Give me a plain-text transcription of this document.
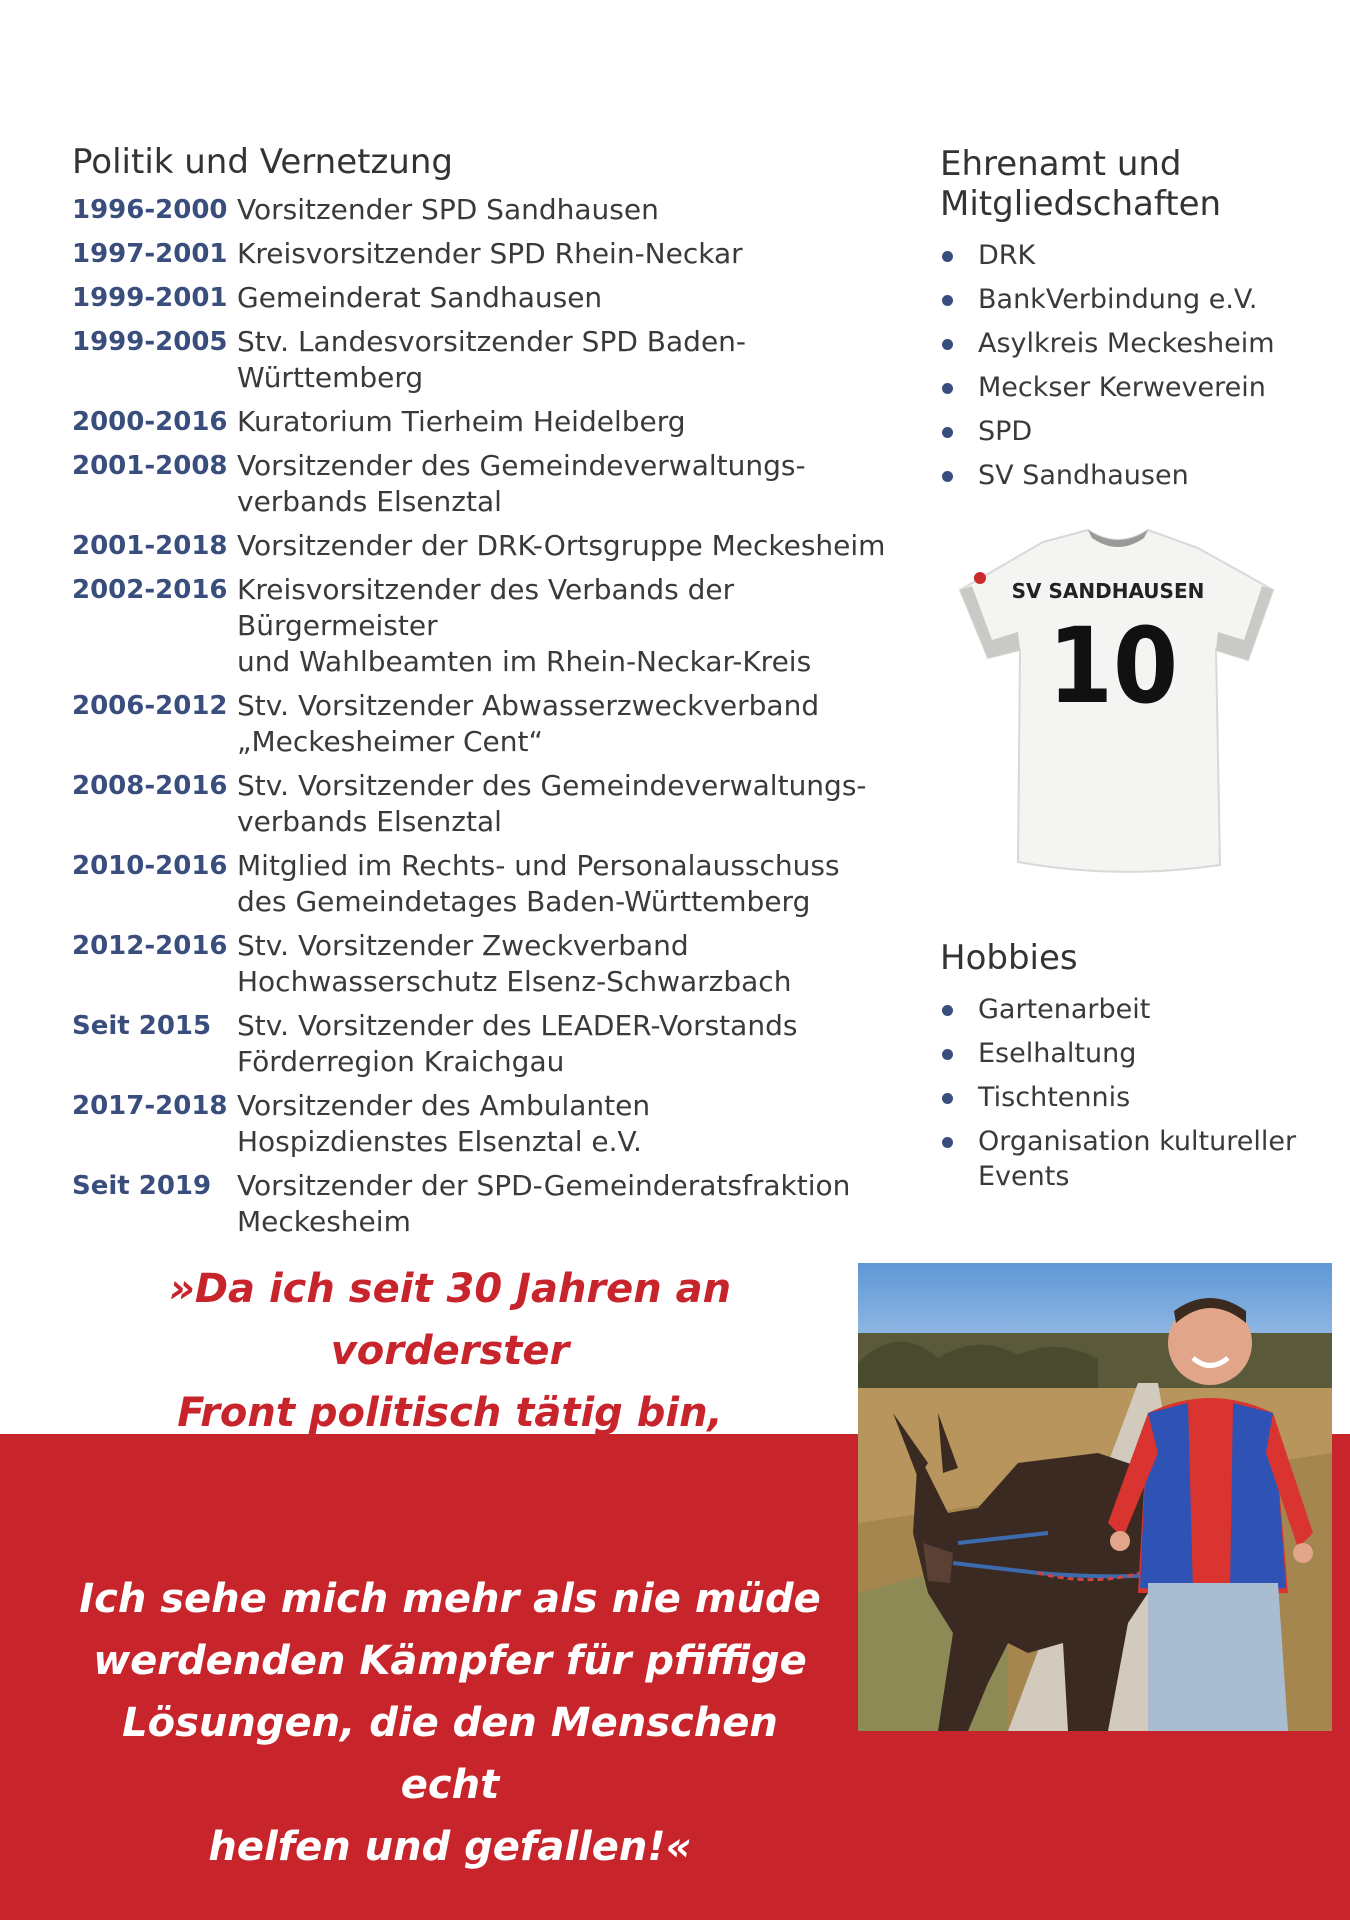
Politik und Vernetzung
1996-2000 Vorsitzender SPD Sandhausen
1997-2001 Kreisvorsitzender SPD Rhein-Neckar
1999-2001 Gemeinderat Sandhausen
1999-2005 Stv. Landesvorsitzender SPD Baden-Württemberg
2000-2016 Kuratorium Tierheim Heidelberg
2001-2008 Vorsitzender des Gemeindeverwaltungs-
verbands Elsenztal
2001-2018 Vorsitzender der DRK-Ortsgruppe Meckesheim
2002-2016 Kreisvorsitzender des Verbands der Bürgermeister
und Wahlbeamten im Rhein-Neckar-Kreis
2006-2012 Stv. Vorsitzender Abwasserzweckverband
„Meckesheimer Cent“
2008-2016 Stv. Vorsitzender des Gemeindeverwaltungs-
verbands Elsenztal
2010-2016 Mitglied im Rechts- und Personalausschuss
des Gemeindetages Baden-Württemberg
2012-2016 Stv. Vorsitzender Zweckverband
Hochwasserschutz Elsenz-Schwarzbach
Seit 2015 Stv. Vorsitzender des LEADER-Vorstands
Förderregion Kraichgau
2017-2018 Vorsitzender des Ambulanten
Hospizdienstes Elsenztal e.V.
Seit 2019 Vorsitzender der SPD-Gemeinderatsfraktion
Meckesheim
Ehrenamt und
Mitgliedschaften
DRK
BankVerbindung e.V.
Asylkreis Meckesheim
Meckser Kerweverein
SPD
SV Sandhausen
SV SANDHAUSEN
10
Hobbies
Gartenarbeit
Eselhaltung
Tischtennis
Organisation kultureller
Events

»Da ich seit 30 Jahren an vorderster
Front politisch tätig bin, bezeichnet
man mich oft als „Polit-Profi“.
Ich sehe mich mehr als nie müde
werdenden Kämpfer für pfiffige
Lösungen, die den Menschen echt
helfen und gefallen!«
